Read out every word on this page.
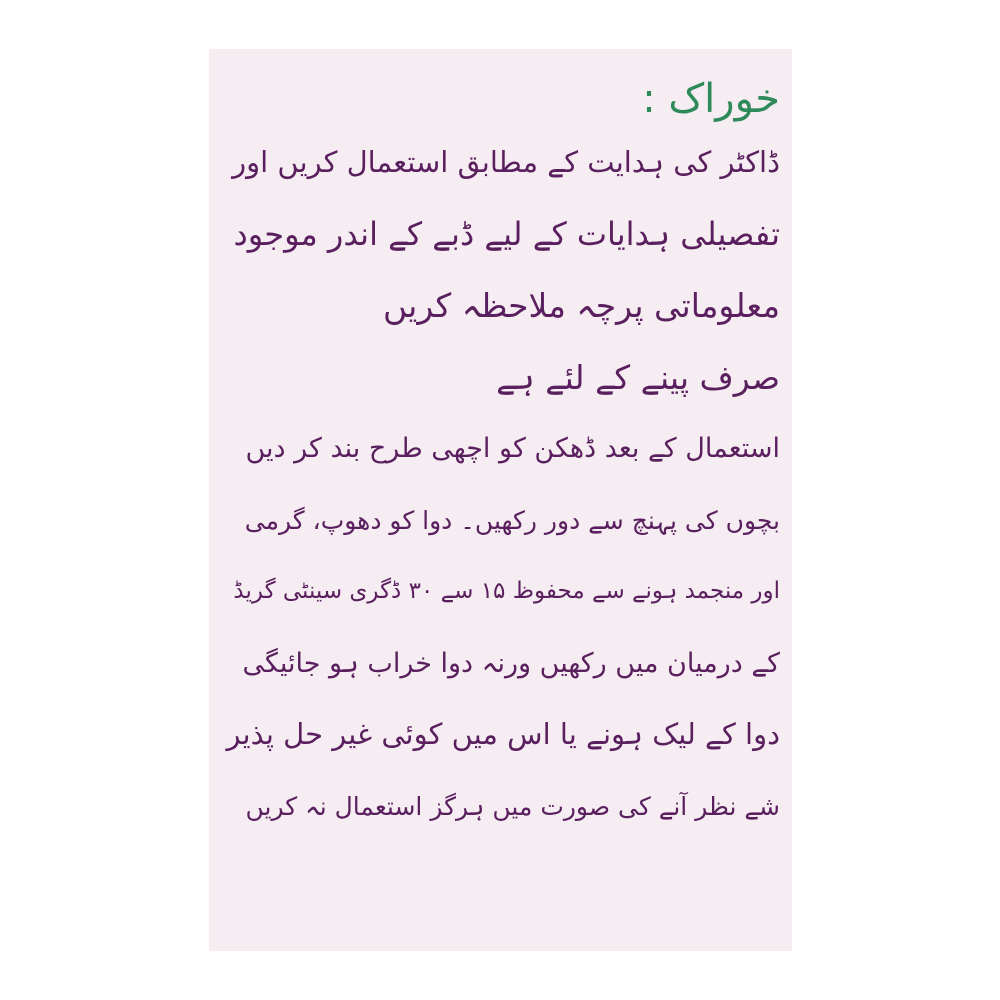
خوراک :
ڈاکٹر کی ہدایت کے مطابق استعمال کریں اور
تفصیلی ہدایات کے لیے ڈبے کے اندر موجود
معلوماتی پرچہ ملاحظہ کریں
صرف پینے کے لئے ہے
استعمال کے بعد ڈھکن کو اچھی طرح بند کر دیں
بچوں کی پہنچ سے دور رکھیں۔ دوا کو دھوپ، گرمی
اور منجمد ہونے سے محفوظ ۱۵ سے ۳۰ ڈگری سینٹی گریڈ
کے درمیان میں رکھیں ورنہ دوا خراب ہو جائیگی
دوا کے لیک ہونے یا اس میں کوئی غیر حل پذیر
شے نظر آنے کی صورت میں ہرگز استعمال نہ کریں
